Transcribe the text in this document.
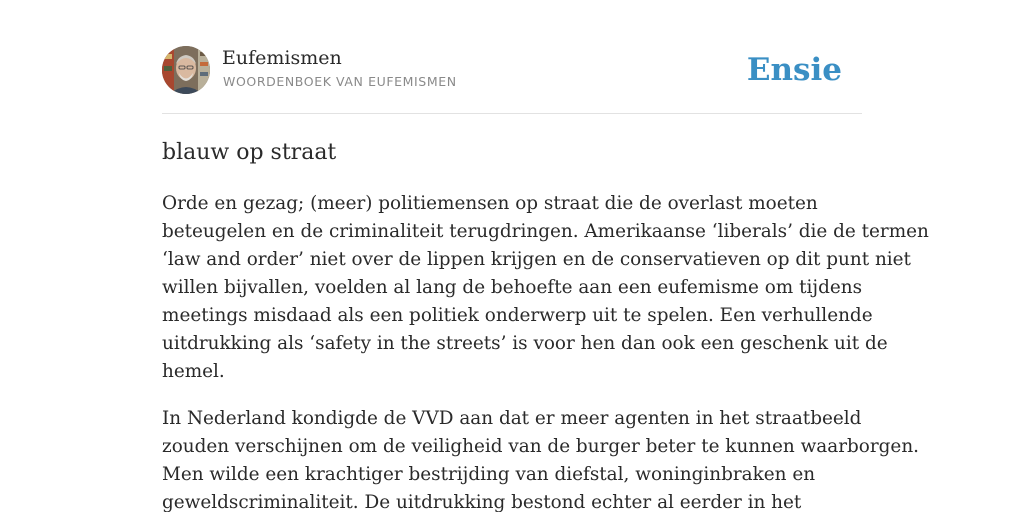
Eufemismen
WOORDENBOEK VAN EUFEMISMEN	Ensie
blauw op straat

Orde en gezag; (meer) politiemensen op straat die de overlast moeten
beteugelen en de criminaliteit terugdringen. Amerikaanse ‘liberals’ die de termen
‘law and order’ niet over de lippen krijgen en de conservatieven op dit punt niet
willen bijvallen, voelden al lang de behoefte aan een eufemisme om tijdens
meetings misdaad als een politiek onderwerp uit te spelen. Een verhullende
uitdrukking als ‘safety in the streets’ is voor hen dan ook een geschenk uit de
hemel.

In Nederland kondigde de VVD aan dat er meer agenten in het straatbeeld
zouden verschijnen om de veiligheid van de burger beter te kunnen waarborgen.
Men wilde een krachtiger bestrijding van diefstal, woninginbraken en
geweldscriminaliteit. De uitdrukking bestond echter al eerder in het
